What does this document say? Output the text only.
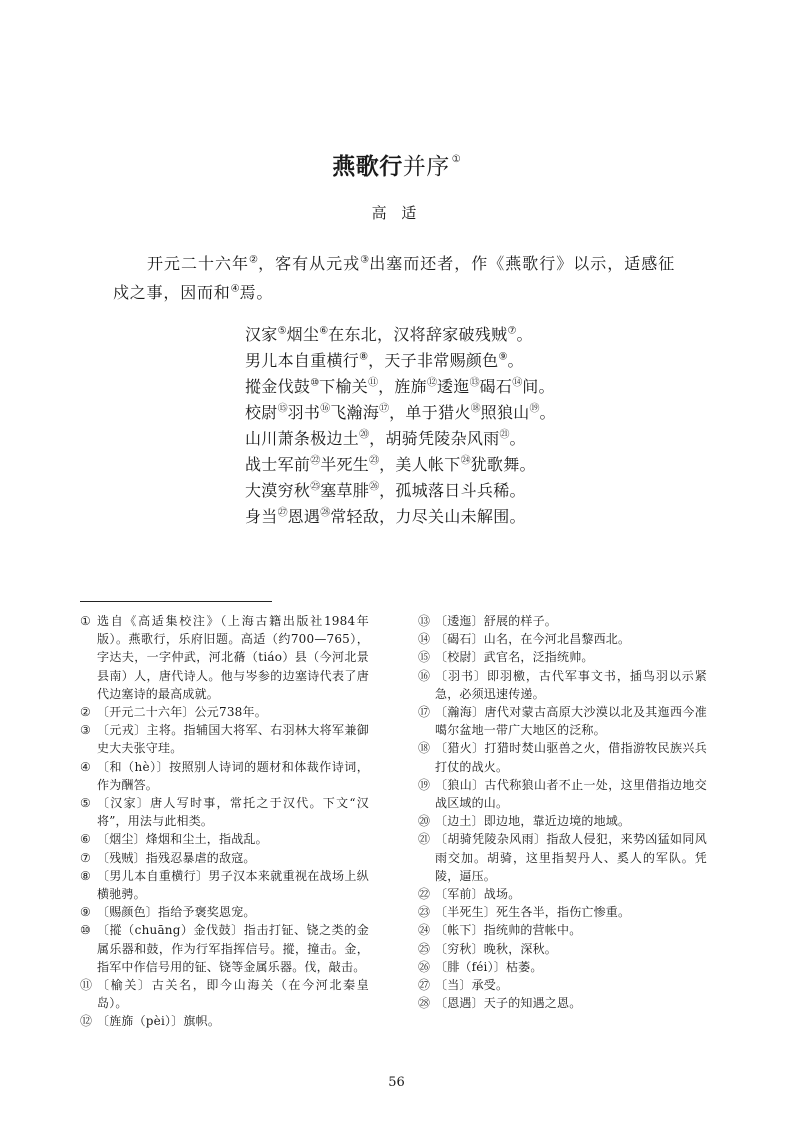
燕歌行并序 ①
高 适
开元二十六年②，客有从元戎③出塞而还者，作《燕歌行》以示，适感征戍之事，因而和④焉。
汉家⑤烟尘⑥在东北，汉将辞家破残贼⑦。
男儿本自重横行⑧，天子非常赐颜色⑨。
摐金伐鼓⑩下榆关⑪，旌旆⑫逶迤⑬碣石⑭间。
校尉⑮羽书⑯飞瀚海⑰，单于猎火⑱照狼山⑲。
山川萧条极边土⑳，胡骑凭陵杂风雨$^㉑$。
战士军前$^㉒$半死生$^㉓$，美人帐下$^㉔$犹歌舞。
大漠穷秋$^㉕$塞草腓$^㉖$，孤城落日斗兵稀。
身当$^㉗$恩遇$^㉘$常轻敌，力尽关山未解围。
① 选自《高适集校注》（上海古籍出版社1984年版）。燕歌行，乐府旧题。高适（约700—765），字达夫，一字仲武，河北蓨（tiáo）县（今河北景县南）人，唐代诗人。他与岑参的边塞诗代表了唐代边塞诗的最高成就。
② 〔开元二十六年〕公元738年。
③ 〔元戎〕主将。指辅国大将军、右羽林大将军兼御史大夫张守珪。
④ 〔和（hè）〕按照别人诗词的题材和体裁作诗词，作为酬答。
⑤ 〔汉家〕唐人写时事，常托之于汉代。下文“汉将”，用法与此相类。
⑥ 〔烟尘〕烽烟和尘土，指战乱。
⑦ 〔残贼〕指残忍暴虐的敌寇。
⑧ 〔男儿本自重横行〕男子汉本来就重视在战场上纵横驰骋。
⑨ 〔赐颜色〕指给予褒奖恩宠。
⑩ 〔摐（chuāng）金伐鼓〕指击打钲、铙之类的金属乐器和鼓，作为行军指挥信号。摐，撞击。金，指军中作信号用的钲、铙等金属乐器。伐，敲击。
⑪ 〔榆关〕古关名，即今山海关（在今河北秦皇岛）。
⑫ 〔旌旆（pèi）〕旗帜。
⑬ 〔逶迤〕舒展的样子。
⑭ 〔碣石〕山名，在今河北昌黎西北。
⑮ 〔校尉〕武官名，泛指统帅。
⑯ 〔羽书〕即羽檄，古代军事文书，插鸟羽以示紧急，必须迅速传递。
⑰ 〔瀚海〕唐代对蒙古高原大沙漠以北及其迤西今准噶尔盆地一带广大地区的泛称。
⑱ 〔猎火〕打猎时焚山驱兽之火，借指游牧民族兴兵打仗的战火。
⑲ 〔狼山〕古代称狼山者不止一处，这里借指边地交战区域的山。
⑳ 〔边土〕即边地，靠近边境的地域。
㉑ 〔胡骑凭陵杂风雨〕指敌人侵犯，来势凶猛如同风雨交加。胡骑，这里指契丹人、奚人的军队。凭陵，逼压。
㉒ 〔军前〕战场。
㉓ 〔半死生〕死生各半，指伤亡惨重。
㉔ 〔帐下〕指统帅的营帐中。
㉕ 〔穷秋〕晚秋，深秋。
㉖ 〔腓（féi）〕枯萎。
㉗ 〔当〕承受。
㉘ 〔恩遇〕天子的知遇之恩。
56
